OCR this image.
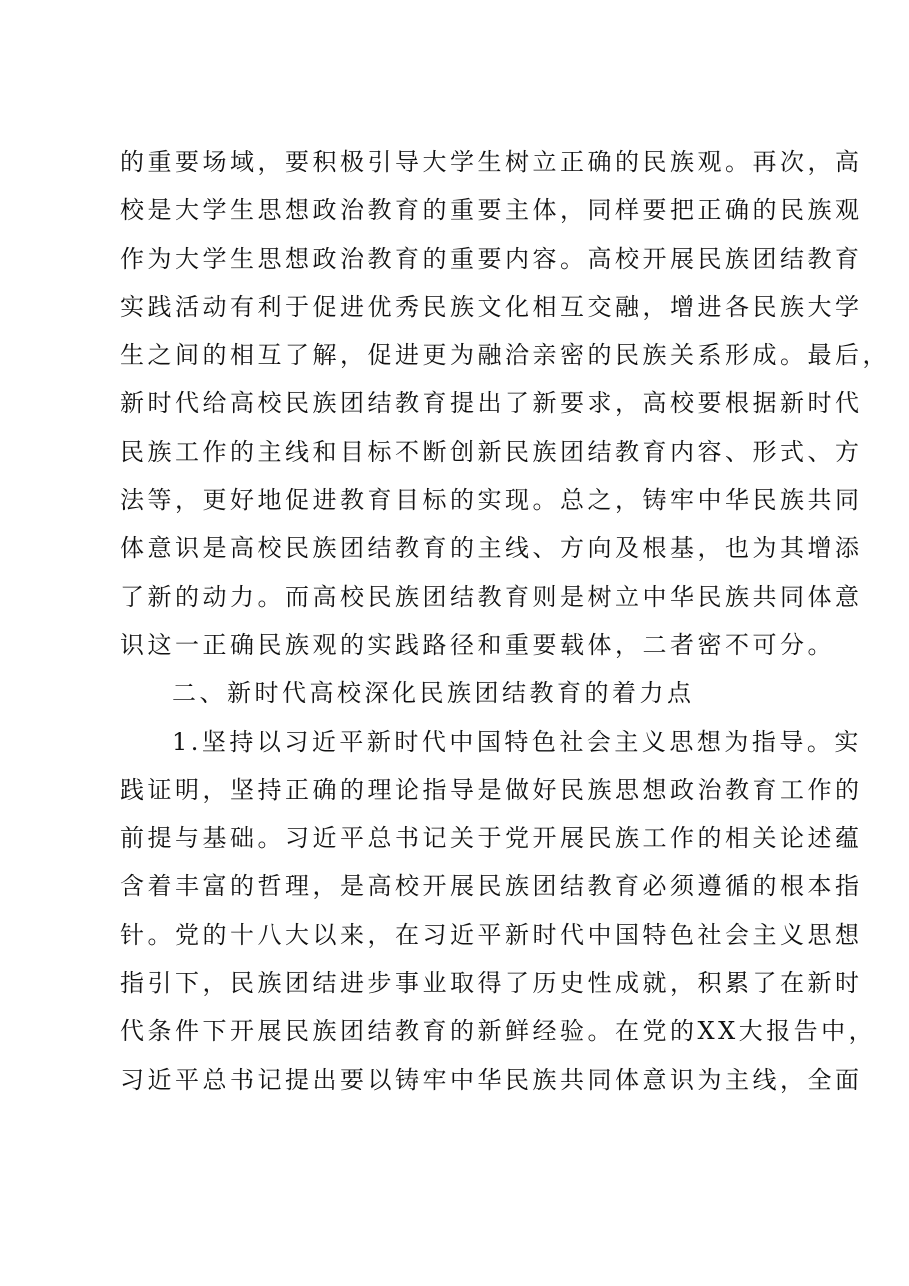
的重要场域，要积极引导大学生树立正确的民族观。再次，高
校是大学生思想政治教育的重要主体，同样要把正确的民族观
作为大学生思想政治教育的重要内容。高校开展民族团结教育
实践活动有利于促进优秀民族文化相互交融，增进各民族大学
生之间的相互了解，促进更为融洽亲密的民族关系形成。最后，
新时代给高校民族团结教育提出了新要求，高校要根据新时代
民族工作的主线和目标不断创新民族团结教育内容、形式、方
法等，更好地促进教育目标的实现。总之，铸牢中华民族共同
体意识是高校民族团结教育的主线、方向及根基，也为其增添
了新的动力。而高校民族团结教育则是树立中华民族共同体意
识这一正确民族观的实践路径和重要载体，二者密不可分。
二、新时代高校深化民族团结教育的着力点
1.坚持以习近平新时代中国特色社会主义思想为指导。实
践证明，坚持正确的理论指导是做好民族思想政治教育工作的
前提与基础。习近平总书记关于党开展民族工作的相关论述蕴
含着丰富的哲理，是高校开展民族团结教育必须遵循的根本指
针。党的十八大以来，在习近平新时代中国特色社会主义思想
指引下，民族团结进步事业取得了历史性成就，积累了在新时
代条件下开展民族团结教育的新鲜经验。在党的XX大报告中，
习近平总书记提出要以铸牢中华民族共同体意识为主线，全面
